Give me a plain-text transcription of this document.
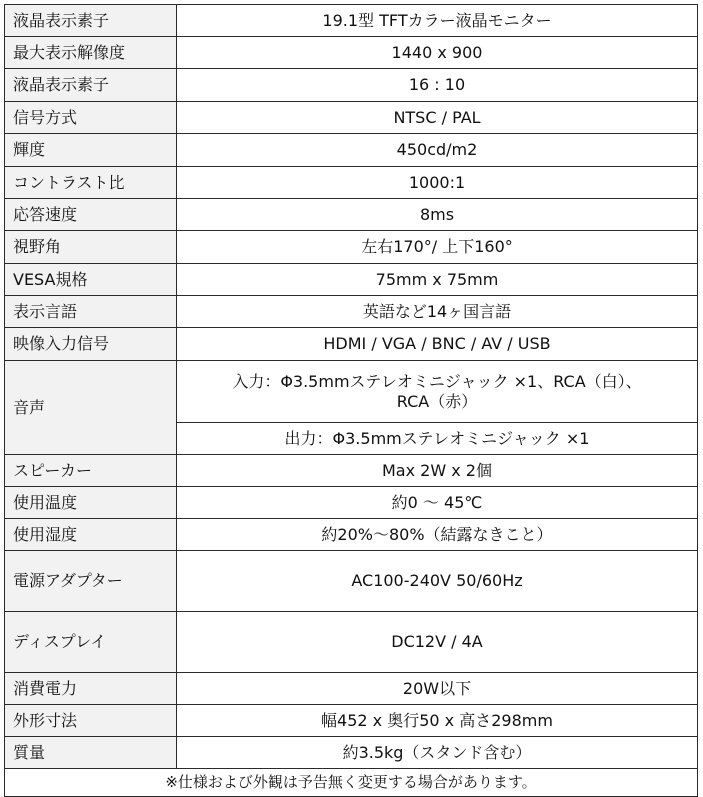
液晶表示素子	19.1型 TFTカラー液晶モニター
最大表示解像度	1440 x 900
液晶表示素子	16 : 10
信号方式	NTSC / PAL
輝度	450cd/m2
コントラスト比	1000:1
応答速度	8ms
視野角	左右170°/ 上下160°
VESA規格	75mm x 75mm
表示言語	英語など14ヶ国言語
映像入力信号	HDMI / VGA / BNC / AV / USB
音声	入力：Φ3.5mmステレオミニジャック ×1、RCA（白）、
RCA（赤）

	出力：Φ3.5mmステレオミニジャック ×1
スピーカー	Max 2W x 2個
使用温度	約0 ～ 45℃
使用湿度	約20%～80%（結露なきこと）
電源アダプター	AC100-240V 50/60Hz
ディスプレイ	DC12V / 4A
消費電力	20W以下
外形寸法	幅452 x 奥行50 x 高さ298mm
質量	約3.5kg（スタンド含む）
※仕様および外観は予告無く変更する場合があります。	
